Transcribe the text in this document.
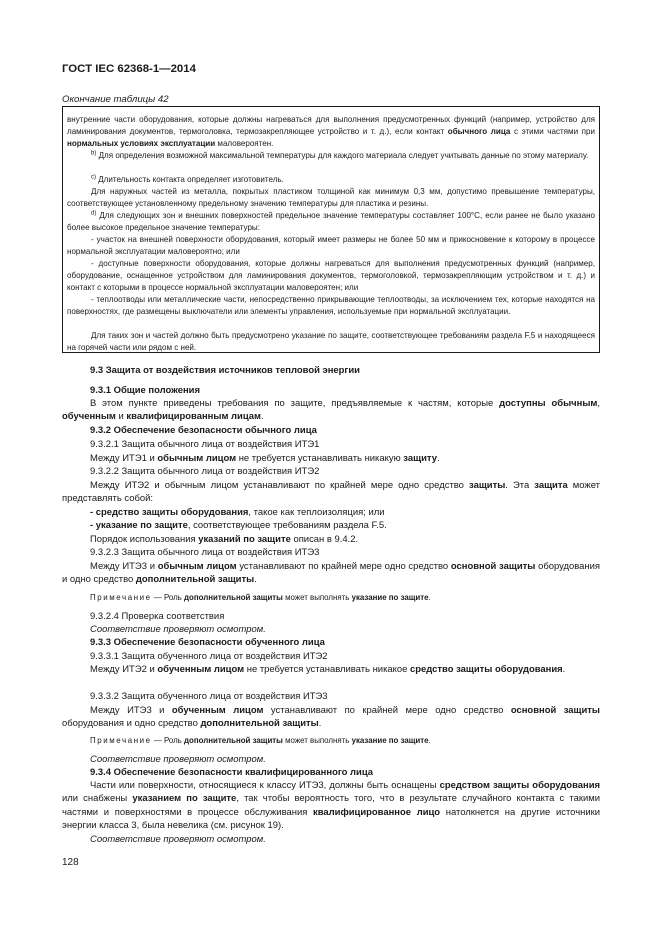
ГОСТ IEC 62368-1—2014
Окончание таблицы 42

внутренние части оборудования, которые должны нагреваться для выполнения предусмотренных функций (например, устройство для ламинирования документов, термоголовка, термозакрепляющее устройство и т. д.), если контакт обычного лица с этими частями при нормальных условиях эксплуатации маловероятен.

$^{b)}$ Для определения возможной максимальной температуры для каждого материала следует учитывать данные по этому материалу.

$^{c)}$ Длительность контакта определяет изготовитель.

Для наружных частей из металла, покрытых пластиком толщиной как минимум 0,3 мм, допустимо превышение температуры, соответствующее установленному предельному значению температуры для пластика и резины.

$^{d)}$ Для следующих зон и внешних поверхностей предельное значение температуры составляет 100°С, если ранее не было указано более высокое предельное значение температуры:

- участок на внешней поверхности оборудования, который имеет размеры не более 50 мм и прикосновение к которому в процессе нормальной эксплуатации маловероятно; или

- доступные поверхности оборудования, которые должны нагреваться для выполнения предусмотренных функций (например, оборудование, оснащенное устройством для ламинирования документов, термоголовкой, термозакрепляющим устройством и т. д.) и контакт с которыми в процессе нормальной эксплуатации маловероятен; или

- теплоотводы или металлические части, непосредственно прикрывающие теплоотводы, за исключением тех, которые находятся на поверхностях, где размещены выключатели или элементы управления, используемые при нормальной эксплуатации.

Для таких зон и частей должно быть предусмотрено указание по защите, соответствующее требованиям раздела F.5 и находящееся на горячей части или рядом с ней.

9.3 Защита от воздействия источников тепловой энергии

9.3.1 Общие положения

В этом пункте приведены требования по защите, предъявляемые к частям, которые доступны обычным, обученным и квалифицированным лицам.

9.3.2 Обеспечение безопасности обычного лица

9.3.2.1 Защита обычного лица от воздействия ИТЭ1

Между ИТЭ1 и обычным лицом не требуется устанавливать никакую защиту.

9.3.2.2 Защита обычного лица от воздействия ИТЭ2

Между ИТЭ2 и обычным лицом устанавливают по крайней мере одно средство защиты. Эта защита может представлять собой:

- средство защиты оборудования, такое как теплоизоляция; или

- указание по защите, соответствующее требованиям раздела F.5.

Порядок использования указаний по защите описан в 9.4.2.

9.3.2.3 Защита обычного лица от воздействия ИТЭ3

Между ИТЭ3 и обычным лицом устанавливают по крайней мере одно средство основной защиты оборудования и одно средство дополнительной защиты.

Примечание — Роль дополнительной защиты может выполнять указание по защите.

9.3.2.4 Проверка соответствия

Соответствие проверяют осмотром.

9.3.3 Обеспечение безопасности обученного лица

9.3.3.1 Защита обученного лица от воздействия ИТЭ2

Между ИТЭ2 и обученным лицом не требуется устанавливать никакое средство защиты оборудования.

9.3.3.2 Защита обученного лица от воздействия ИТЭ3

Между ИТЭ3 и обученным лицом устанавливают по крайней мере одно средство основной защиты оборудования и одно средство дополнительной защиты.

Примечание — Роль дополнительной защиты может выполнять указание по защите.

Соответствие проверяют осмотром.

9.3.4 Обеспечение безопасности квалифицированного лица

Части или поверхности, относящиеся к классу ИТЭ3, должны быть оснащены средством защиты оборудования или снабжены указанием по защите, так чтобы вероятность того, что в результате случайного контакта с такими частями и поверхностями в процессе обслуживания квалифицированное лицо натолкнется на другие источники энергии класса 3, была невелика (см. рисунок 19).

Соответствие проверяют осмотром.

128
